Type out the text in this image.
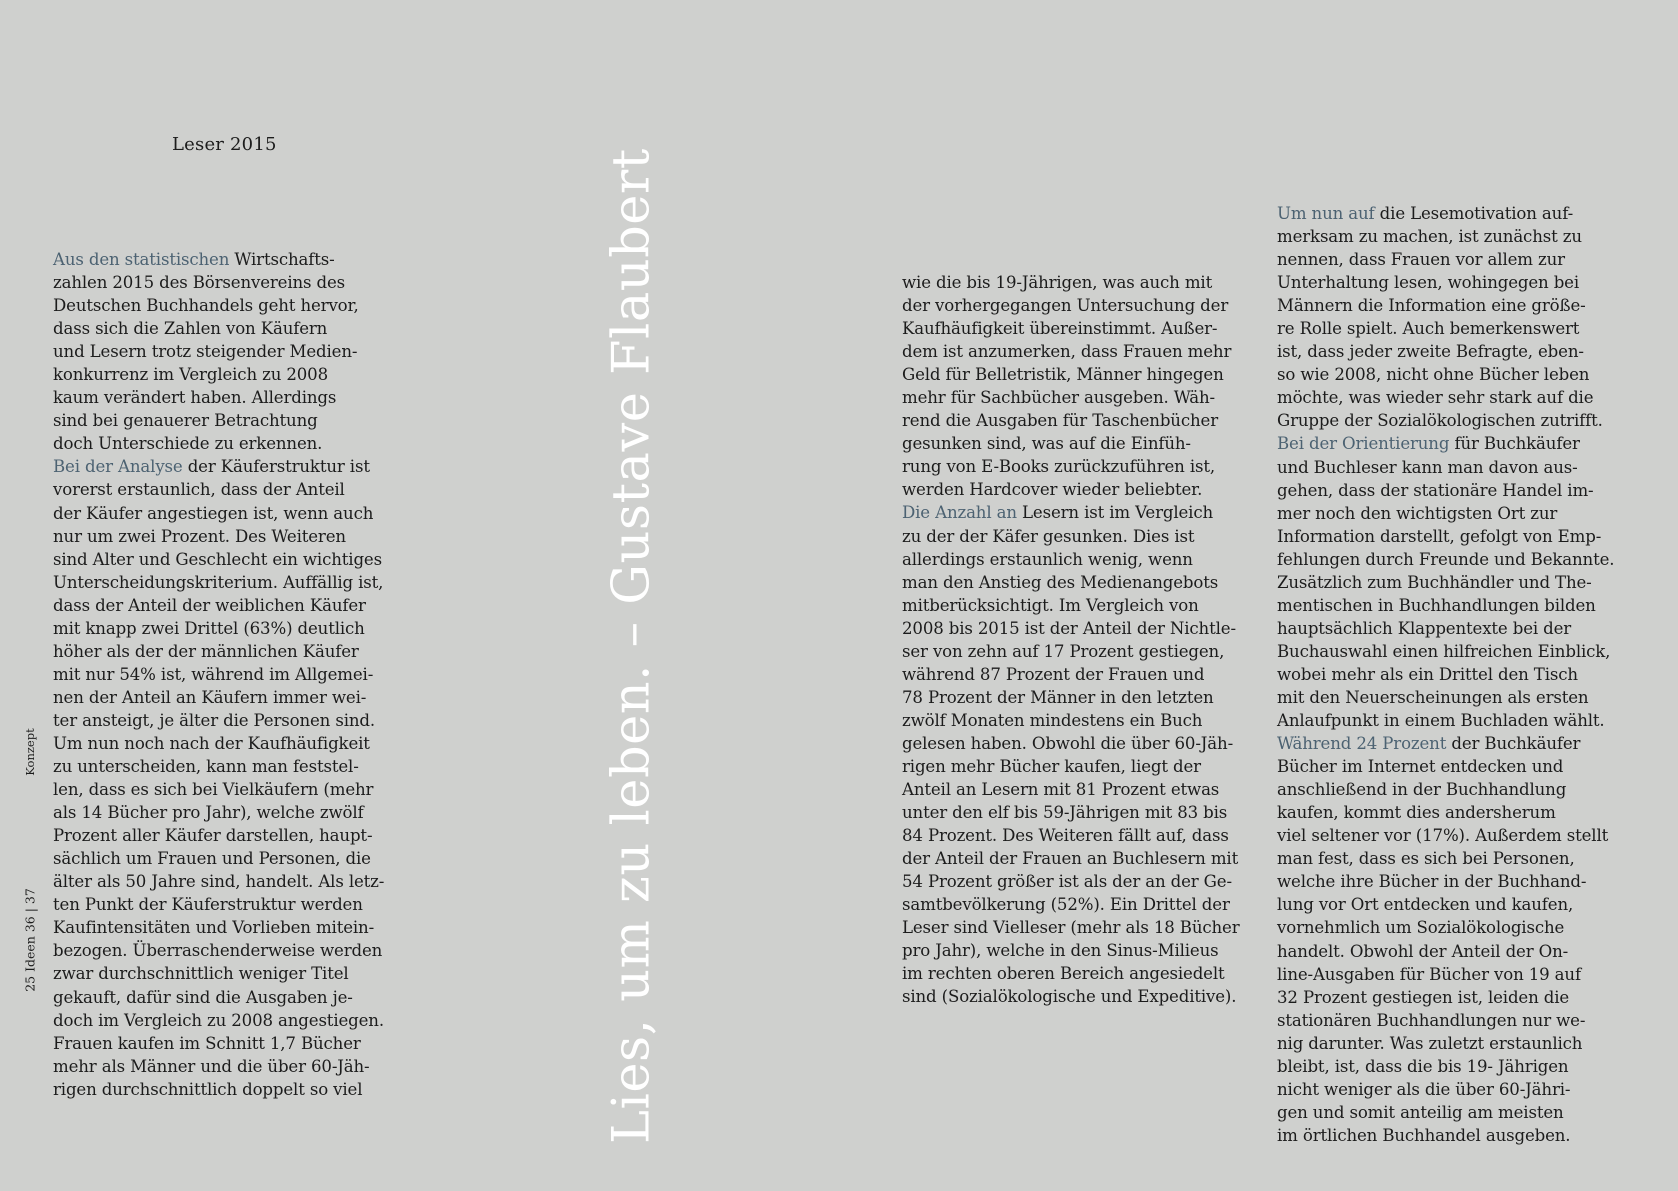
Leser 2015
Aus den statistischen Wirtschafts-
zahlen 2015 des Börsenvereins des
Deutschen Buchhandels geht hervor,
dass sich die Zahlen von Käufern
und Lesern trotz steigender Medien-
konkurrenz im Vergleich zu 2008
kaum verändert haben. Allerdings
sind bei genauerer Betrachtung
doch Unterschiede zu erkennen.
Bei der Analyse der Käuferstruktur ist
vorerst erstaunlich, dass der Anteil
der Käufer angestiegen ist, wenn auch
nur um zwei Prozent. Des Weiteren
sind Alter und Geschlecht ein wichtiges
Unterscheidungskriterium. Auffällig ist,
dass der Anteil der weiblichen Käufer
mit knapp zwei Drittel (63%) deutlich
höher als der der männlichen Käufer
mit nur 54% ist, während im Allgemei-
nen der Anteil an Käufern immer wei-
ter ansteigt, je älter die Personen sind.
Um nun noch nach der Kaufhäufigkeit
zu unterscheiden, kann man feststel-
len, dass es sich bei Vielkäufern (mehr
als 14 Bücher pro Jahr), welche zwölf
Prozent aller Käufer darstellen, haupt-
sächlich um Frauen und Personen, die
älter als 50 Jahre sind, handelt. Als letz-
ten Punkt der Käuferstruktur werden
Kaufintensitäten und Vorlieben mitein-
bezogen. Überraschenderweise werden
zwar durchschnittlich weniger Titel
gekauft, dafür sind die Ausgaben je-
doch im Vergleich zu 2008 angestiegen.
Frauen kaufen im Schnitt 1,7 Bücher
mehr als Männer und die über 60-Jäh-
rigen durchschnittlich doppelt so viel	Lies, um zu leben. – Gustave Flaubert	wie die bis 19-Jährigen, was auch mit
der vorhergegangen Untersuchung der
Kaufhäufigkeit übereinstimmt. Außer-
dem ist anzumerken, dass Frauen mehr
Geld für Belletristik, Männer hingegen
mehr für Sachbücher ausgeben. Wäh-
rend die Ausgaben für Taschenbücher
gesunken sind, was auf die Einfüh-
rung von E-Books zurückzuführen ist,
werden Hardcover wieder beliebter.
Die Anzahl an Lesern ist im Vergleich
zu der der Käfer gesunken. Dies ist
allerdings erstaunlich wenig, wenn
man den Anstieg des Medienangebots
mitberücksichtigt. Im Vergleich von
2008 bis 2015 ist der Anteil der Nichtle-
ser von zehn auf 17 Prozent gestiegen,
während 87 Prozent der Frauen und
78 Prozent der Männer in den letzten
zwölf Monaten mindestens ein Buch
gelesen haben. Obwohl die über 60-Jäh-
rigen mehr Bücher kaufen, liegt der
Anteil an Lesern mit 81 Prozent etwas
unter den elf bis 59-Jährigen mit 83 bis
84 Prozent. Des Weiteren fällt auf, dass
der Anteil der Frauen an Buchlesern mit
54 Prozent größer ist als der an der Ge-
samtbevölkerung (52%). Ein Drittel der
Leser sind Vielleser (mehr als 18 Bücher
pro Jahr), welche in den Sinus-Milieus
im rechten oberen Bereich angesiedelt
sind (Sozialökologische und Expeditive).
Um nun auf die Lesemotivation auf-
merksam zu machen, ist zunächst zu
nennen, dass Frauen vor allem zur
Unterhaltung lesen, wohingegen bei
Männern die Information eine größe-
re Rolle spielt. Auch bemerkenswert
ist, dass jeder zweite Befragte, eben-
so wie 2008, nicht ohne Bücher leben
möchte, was wieder sehr stark auf die
Gruppe der Sozialökologischen zutrifft.
Bei der Orientierung für Buchkäufer
und Buchleser kann man davon aus-
gehen, dass der stationäre Handel im-
mer noch den wichtigsten Ort zur
Information darstellt, gefolgt von Emp-
fehlungen durch Freunde und Bekannte.
Zusätzlich zum Buchhändler und The-
mentischen in Buchhandlungen bilden
hauptsächlich Klappentexte bei der
Buchauswahl einen hilfreichen Einblick,
wobei mehr als ein Drittel den Tisch
mit den Neuerscheinungen als ersten
Anlaufpunkt in einem Buchladen wählt.
Während 24 Prozent der Buchkäufer
Bücher im Internet entdecken und
anschließend in der Buchhandlung
kaufen, kommt dies andersherum
viel seltener vor (17%). Außerdem stellt
man fest, dass es sich bei Personen,
welche ihre Bücher in der Buchhand-
lung vor Ort entdecken und kaufen,
vornehmlich um Sozialökologische
handelt. Obwohl der Anteil der On-
line-Ausgaben für Bücher von 19 auf
32 Prozent gestiegen ist, leiden die
stationären Buchhandlungen nur we-
nig darunter. Was zuletzt erstaunlich
bleibt, ist, dass die bis 19- Jährigen
nicht weniger als die über 60-Jähri-
gen und somit anteilig am meisten
im örtlichen Buchhandel ausgeben.
Konzept
25 Ideen 36 | 37
